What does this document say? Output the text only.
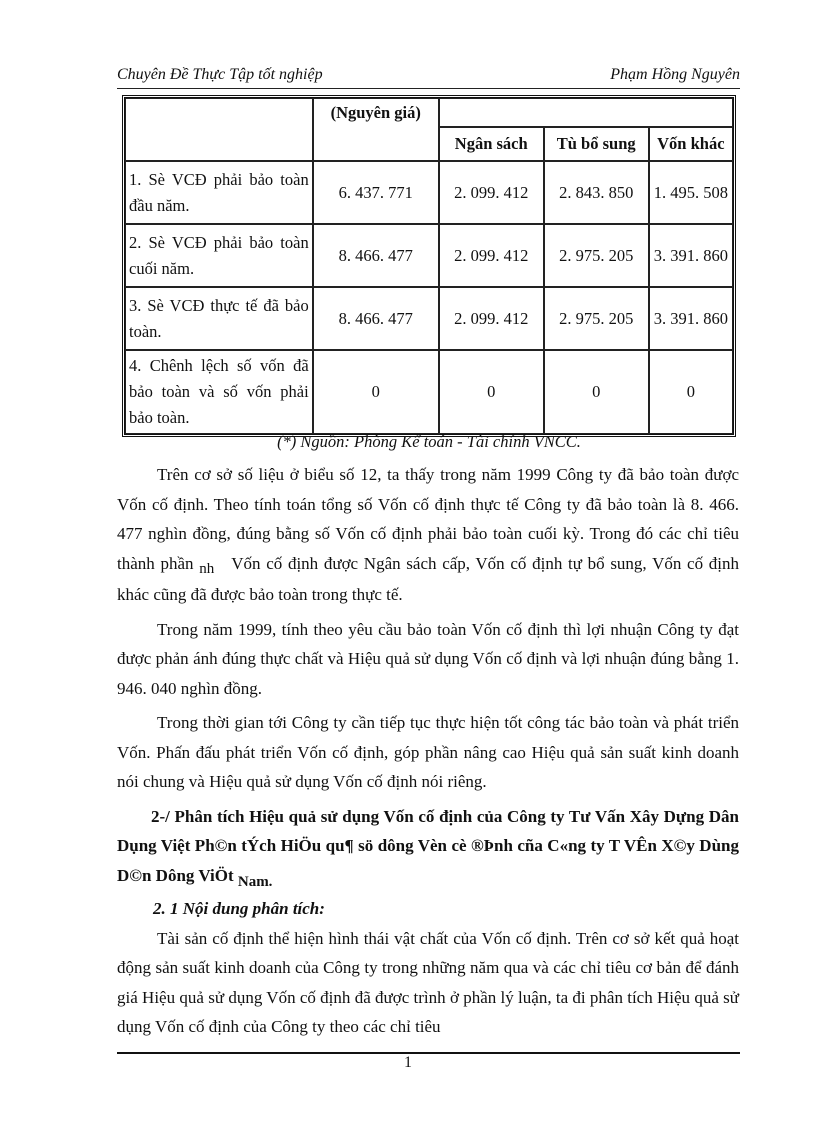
Chuyên Đề Thực Tập tốt nghiệp	Phạm Hồng Nguyên
	(Nguyên giá)			
		Ngân sách	Tù bổ sung	Vốn khác
1. Sè VCĐ phải bảo toàn đầu năm.	6. 437. 771	2. 099. 412	2. 843. 850	1. 495. 508
2. Sè VCĐ phải bảo toàn cuối năm.	8. 466. 477	2. 099. 412	2. 975. 205	3. 391. 860
3. Sè VCĐ thực tế đã bảo toàn.	8. 466. 477	2. 099. 412	2. 975. 205	3. 391. 860
4. Chênh lệch số vốn đã bảo toàn và số vốn phải bảo toàn.	0	0	0	0
(*) Nguồn: Phòng Kế toán - Tài chính VNCC.

Trên cơ sở số liệu ở biểu số 12, ta thấy trong năm 1999 Công ty đã bảo toàn được Vốn cố định. Theo tính toán tổng số Vốn cố định thực tế Công ty đã bảo toàn là 8. 466. 477 nghìn đồng, đúng bằng số Vốn cố định phải bảo toàn cuối kỳ. Trong đó các chỉ tiêu thành phần nh Vốn cố định được Ngân sách cấp, Vốn cố định tự bổ sung, Vốn cố định khác cũng đã được bảo toàn trong thực tế.

Trong năm 1999, tính theo yêu cầu bảo toàn Vốn cố định thì lợi nhuận Công ty đạt được phản ánh đúng thực chất và Hiệu quả sử dụng Vốn cố định và lợi nhuận đúng bằng 1. 946. 040 nghìn đồng.

Trong thời gian tới Công ty cần tiếp tục thực hiện tốt công tác bảo toàn và phát triển Vốn. Phấn đấu phát triển Vốn cố định, góp phần nâng cao Hiệu quả sản suất kinh doanh nói chung và Hiệu quả sử dụng Vốn cố định nói riêng.

2-/ Phân tích Hiệu quả sử dụng Vốn cố định của Công ty Tư Vấn Xây Dựng Dân Dụng Việt Ph©n tÝch HiÖu qu¶ sö dông Vèn cè ®Þnh cña C«ng ty T VÊn X©y Dùng D©n Dông ViÖt Nam.
2. 1 Nội dung phân tích:

Tài sản cố định thể hiện hình thái vật chất của Vốn cố định. Trên cơ sở kết quả hoạt động sản suất kinh doanh của Công ty trong những năm qua và các chỉ tiêu cơ bản để đánh giá Hiệu quả sử dụng Vốn cố định đã được trình ở phần lý luận, ta đi phân tích Hiệu quả sử dụng Vốn cố định của Công ty theo các chỉ tiêu

1
